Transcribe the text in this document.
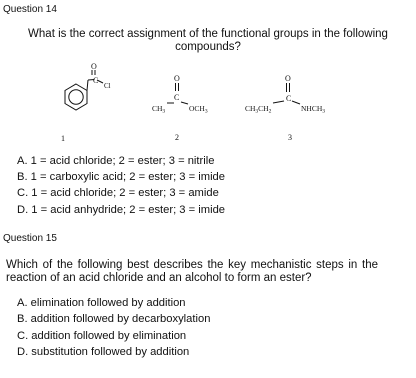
Question 14
What is the correct assignment of the functional groups in the following
compounds?
O
C
Cl
1
O
C
$CH_3$	$OCH_3$
2
O
C
$CH_3CH_2$	$NHCH_3$
3
A. 1 = acid chloride; 2 = ester; 3 = nitrile
B. 1 = carboxylic acid; 2 = ester; 3 = imide
C. 1 = acid chloride; 2 = ester; 3 = amide
D. 1 = acid anhydride; 2 = ester; 3 = imide
Question 15
Which of the following best describes the key mechanistic steps in the reaction of an acid chloride and an alcohol to form an ester?
A. elimination followed by addition
B. addition followed by decarboxylation
C. addition followed by elimination
D. substitution followed by addition
